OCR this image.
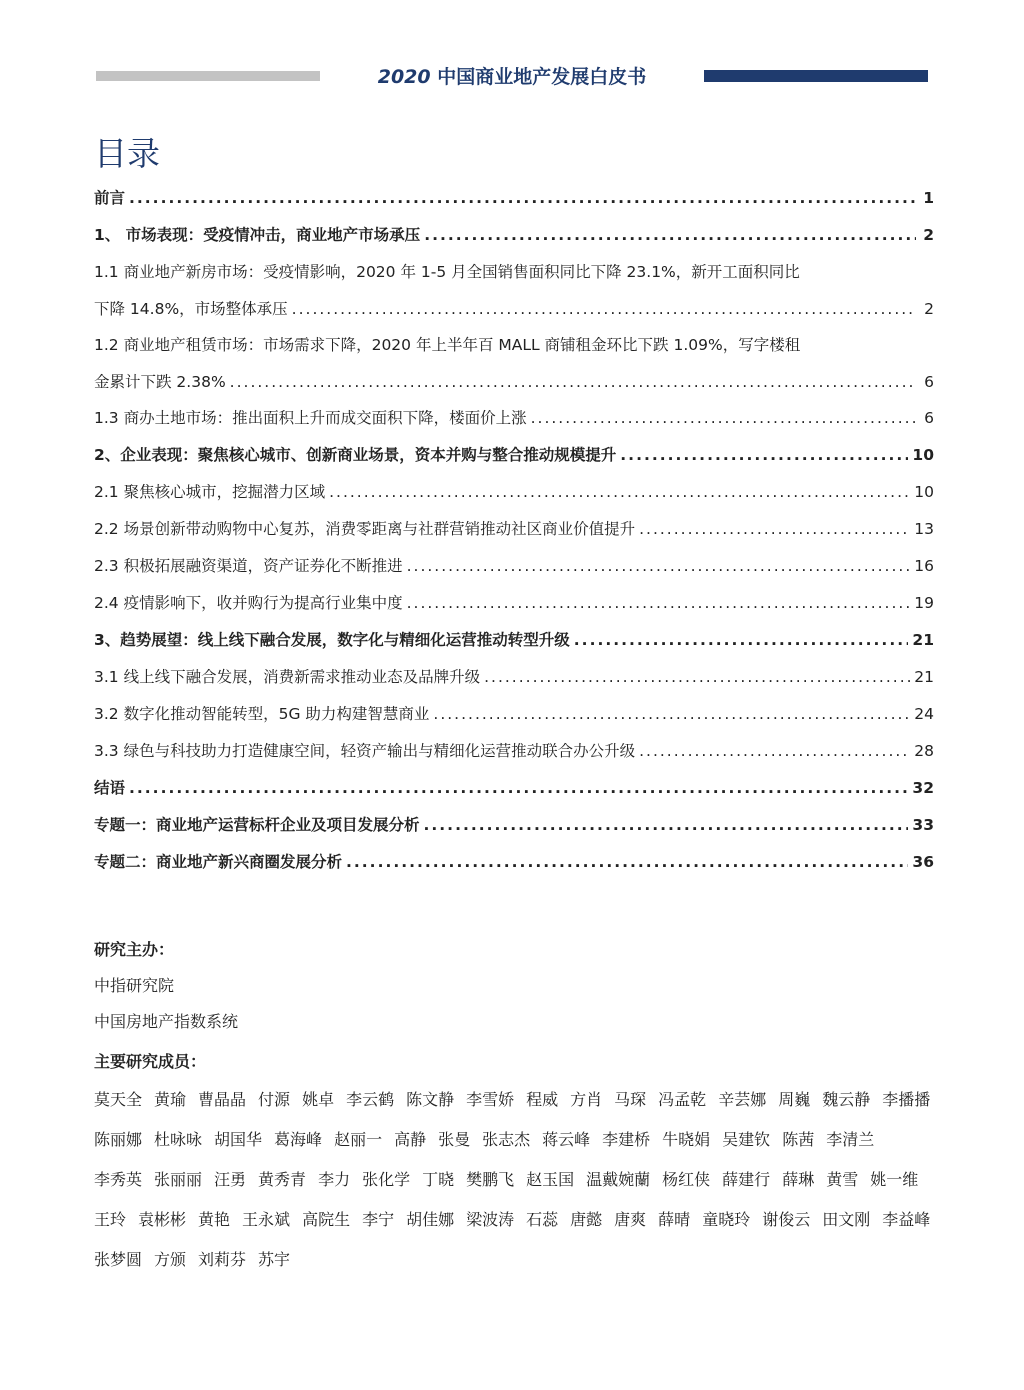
2020 中国商业地产发展白皮书
目录
前言 .....	1
1、 市场表现：受疫情冲击，商业地产市场承压 .....	2
1.1 商业地产新房市场：受疫情影响，2020 年 1-5 月全国销售面积同比下降 23.1%，新开工面积同比
下降 14.8%，市场整体承压 .....	2
1.2 商业地产租赁市场：市场需求下降，2020 年上半年百 MALL 商铺租金环比下跌 1.09%，写字楼租
金累计下跌 2.38% .....	6
1.3 商办土地市场：推出面积上升而成交面积下降，楼面价上涨 .....	6
2、企业表现：聚焦核心城市、创新商业场景，资本并购与整合推动规模提升 .....	10
2.1 聚焦核心城市，挖掘潜力区域 .....	10
2.2 场景创新带动购物中心复苏，消费零距离与社群营销推动社区商业价值提升 .....	13
2.3 积极拓展融资渠道，资产证券化不断推进 .....	16
2.4 疫情影响下，收并购行为提高行业集中度 .....	19
3、趋势展望：线上线下融合发展，数字化与精细化运营推动转型升级 .....	21
3.1 线上线下融合发展，消费新需求推动业态及品牌升级 .....	21
3.2 数字化推动智能转型，5G 助力构建智慧商业 .....	24
3.3 绿色与科技助力打造健康空间，轻资产输出与精细化运营推动联合办公升级 .....	28
结语 .....	32
专题一：商业地产运营标杆企业及项目发展分析 .....	33
专题二：商业地产新兴商圈发展分析 .....	36
研究主办：
中指研究院
中国房地产指数系统
主要研究成员：
莫天全 黄瑜 曹晶晶 付源 姚卓 李云鹤 陈文静 李雪娇 程威 方肖 马琛 冯孟乾 辛芸娜 周巍 魏云静 李播播
陈丽娜 杜咏咏 胡国华 葛海峰 赵丽一 高静 张曼 张志杰 蒋云峰 李建桥 牛晓娟 吴建钦 陈茜 李清兰
李秀英 张丽丽 汪勇 黄秀青 李力 张化学 丁晓 樊鹏飞 赵玉国 温戴婉蘭 杨红侠 薛建行 薛琳 黄雪 姚一维
王玲 袁彬彬 黄艳 王永斌 高院生 李宁 胡佳娜 梁波涛 石蕊 唐懿 唐爽 薛晴 童晓玲 谢俊云 田文刚 李益峰
张梦圆 方颁 刘莉芬 苏宇
